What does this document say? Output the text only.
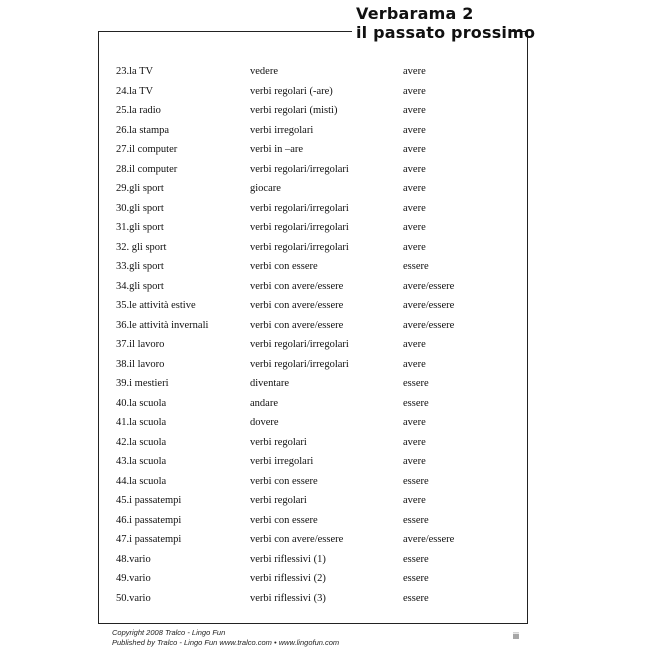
Verbarama 2
il passato prossimo
23.la TV	vedere	avere
24.la TV	verbi regolari (-are)	avere
25.la radio	verbi regolari (misti)	avere
26.la stampa	verbi irregolari	avere
27.il computer	verbi in –are	avere
28.il computer	verbi regolari/irregolari	avere
29.gli sport	giocare	avere
30.gli sport	verbi regolari/irregolari	avere
31.gli sport	verbi regolari/irregolari	avere
32. gli sport	verbi regolari/irregolari	avere
33.gli sport	verbi con essere	essere
34.gli sport	verbi con avere/essere	avere/essere
35.le attività estive	verbi con avere/essere	avere/essere
36.le attività invernali	verbi con avere/essere	avere/essere
37.il lavoro	verbi regolari/irregolari	avere
38.il lavoro	verbi regolari/irregolari	avere
39.i mestieri	diventare	essere
40.la scuola	andare	essere
41.la scuola	dovere	avere
42.la scuola	verbi regolari	avere
43.la scuola	verbi irregolari	avere
44.la scuola	verbi con essere	essere
45.i passatempi	verbi regolari	avere
46.i passatempi	verbi con essere	essere
47.i passatempi	verbi con avere/essere	avere/essere
48.vario	verbi riflessivi (1)	essere
49.vario	verbi riflessivi (2)	essere
50.vario	verbi riflessivi (3)	essere
Copyright 2008 Tralco - Lingo Fun
Published by Tralco - Lingo Fun www.tralco.com • www.lingofun.com
iii
